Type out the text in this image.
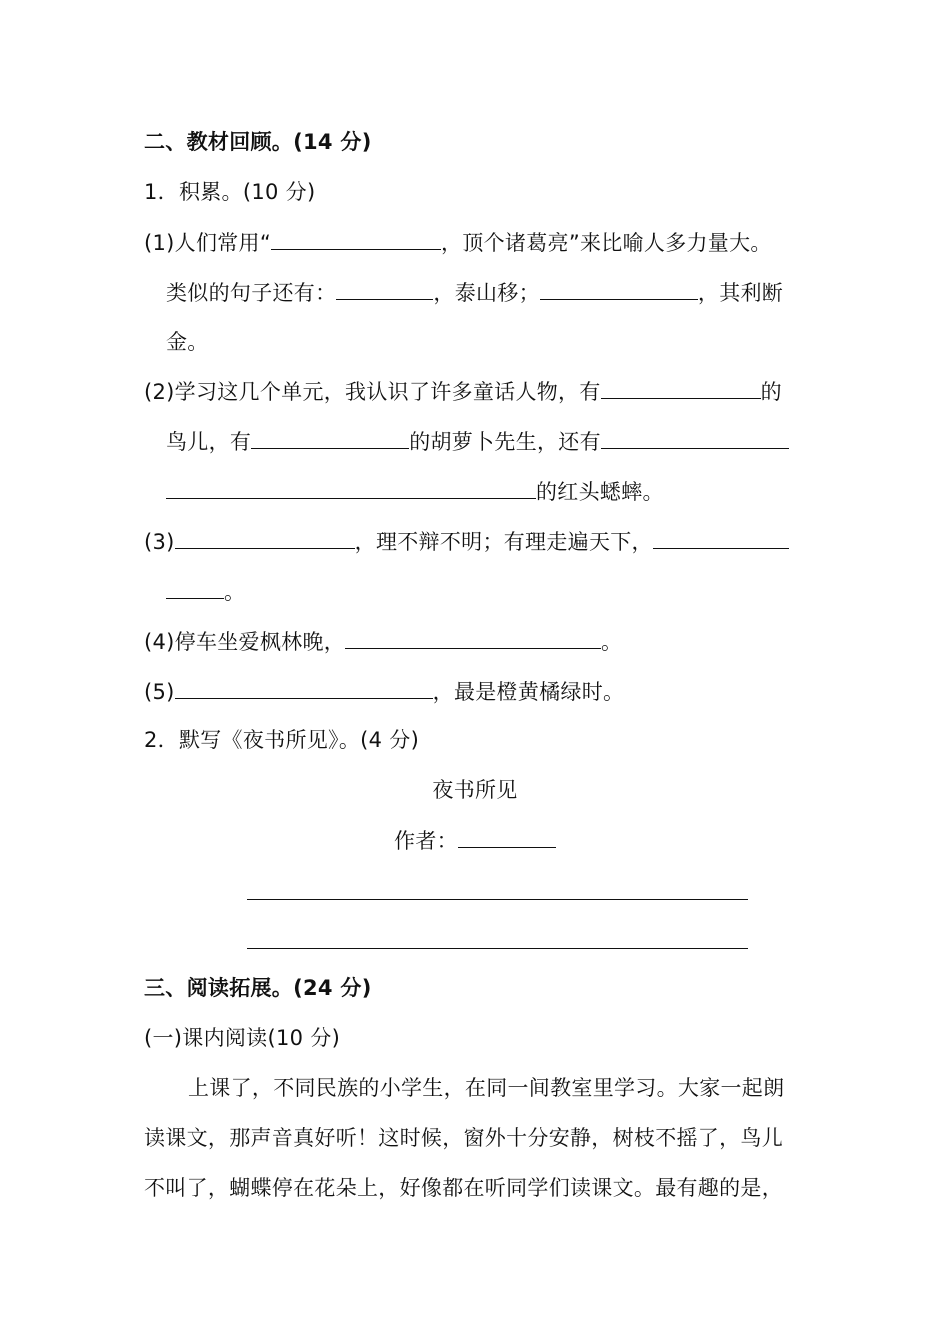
二、教材回顾。(14 分)
1．积累。(10 分)
(1)人们常用“	，顶个诸葛亮”来比喻人多力量大。
类似的句子还有：	，泰山移；	，其利断
金。
(2)学习这几个单元，我认识了许多童话人物，有	的
鸟儿，有	的胡萝卜先生，还有
的红头蟋蟀。
(3)	，理不辩不明；有理走遍天下，
。
(4)停车坐爱枫林晚，	。
(5)	，最是橙黄橘绿时。
2．默写《夜书所见》。(4 分)
夜书所见
作者：
三、阅读拓展。(24 分)
(一)课内阅读(10 分)
上课了，不同民族的小学生，在同一间教室里学习。大家一起朗
读课文，那声音真好听！这时候，窗外十分安静，树枝不摇了，鸟儿
不叫了，蝴蝶停在花朵上，好像都在听同学们读课文。最有趣的是，
